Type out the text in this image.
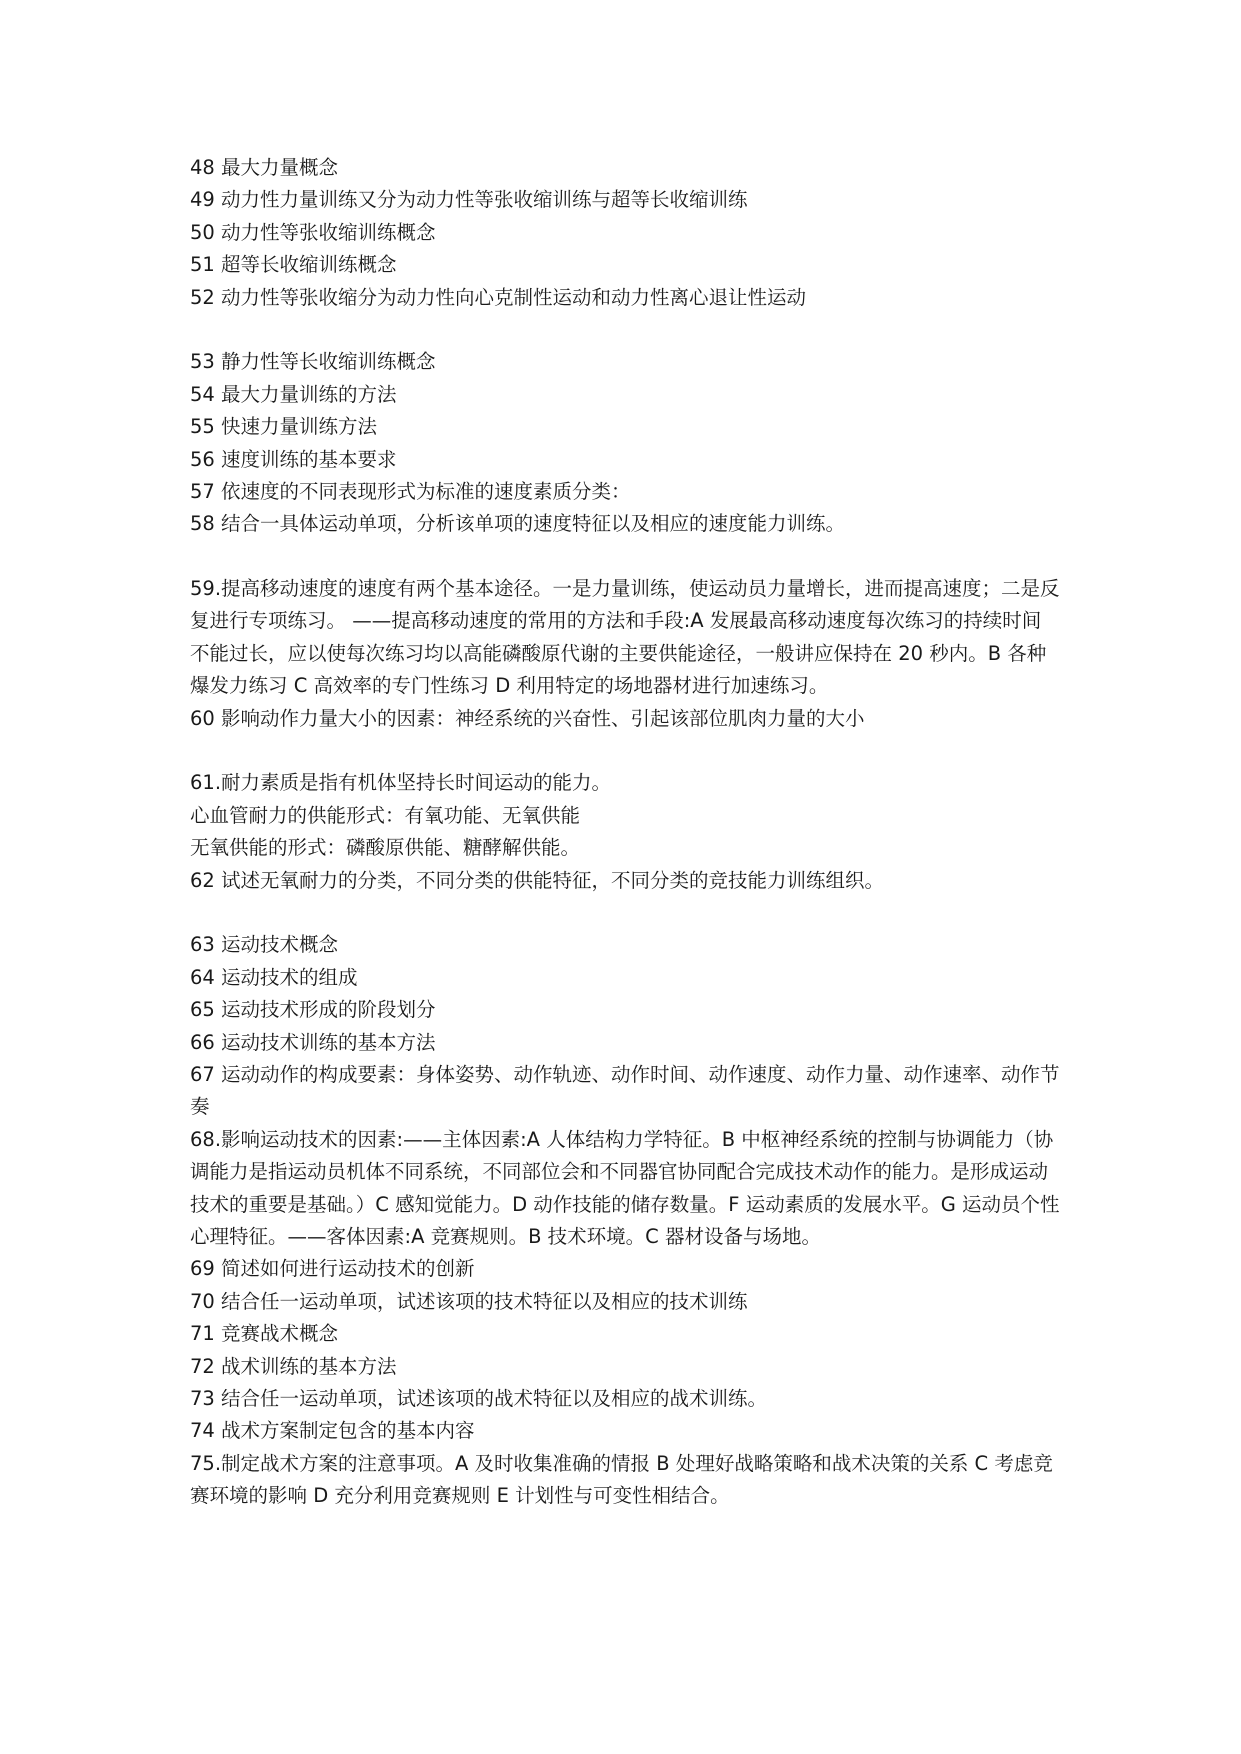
48 最大力量概念
49 动力性力量训练又分为动力性等张收缩训练与超等长收缩训练
50 动力性等张收缩训练概念
51 超等长收缩训练概念
52 动力性等张收缩分为动力性向心克制性运动和动力性离心退让性运动
53 静力性等长收缩训练概念
54 最大力量训练的方法
55 快速力量训练方法
56 速度训练的基本要求
57 依速度的不同表现形式为标准的速度素质分类：
58 结合一具体运动单项，分析该单项的速度特征以及相应的速度能力训练。
59.提高移动速度的速度有两个基本途径。一是力量训练，使运动员力量增长，进而提高速度；二是反复进行专项练习。 ——提高移动速度的常用的方法和手段:A 发展最高移动速度每次练习的持续时间不能过长，应以使每次练习均以高能磷酸原代谢的主要供能途径，一般讲应保持在 20 秒内。B 各种爆发力练习 C 高效率的专门性练习 D 利用特定的场地器材进行加速练习。
60 影响动作力量大小的因素：神经系统的兴奋性、引起该部位肌肉力量的大小
61.耐力素质是指有机体坚持长时间运动的能力。
心血管耐力的供能形式：有氧功能、无氧供能
无氧供能的形式：磷酸原供能、糖酵解供能。
62 试述无氧耐力的分类，不同分类的供能特征，不同分类的竞技能力训练组织。
63 运动技术概念
64 运动技术的组成
65 运动技术形成的阶段划分
66 运动技术训练的基本方法
67 运动动作的构成要素：身体姿势、动作轨迹、动作时间、动作速度、动作力量、动作速率、动作节奏
68.影响运动技术的因素:——主体因素:A 人体结构力学特征。B 中枢神经系统的控制与协调能力（协调能力是指运动员机体不同系统，不同部位会和不同器官协同配合完成技术动作的能力。是形成运动技术的重要是基础。）C 感知觉能力。D 动作技能的储存数量。F 运动素质的发展水平。G 运动员个性心理特征。——客体因素:A 竞赛规则。B 技术环境。C 器材设备与场地。
69 简述如何进行运动技术的创新
70 结合任一运动单项，试述该项的技术特征以及相应的技术训练
71 竞赛战术概念
72 战术训练的基本方法
73 结合任一运动单项，试述该项的战术特征以及相应的战术训练。
74 战术方案制定包含的基本内容
75.制定战术方案的注意事项。A 及时收集准确的情报 B 处理好战略策略和战术决策的关系 C 考虑竞赛环境的影响 D 充分利用竞赛规则 E 计划性与可变性相结合。
